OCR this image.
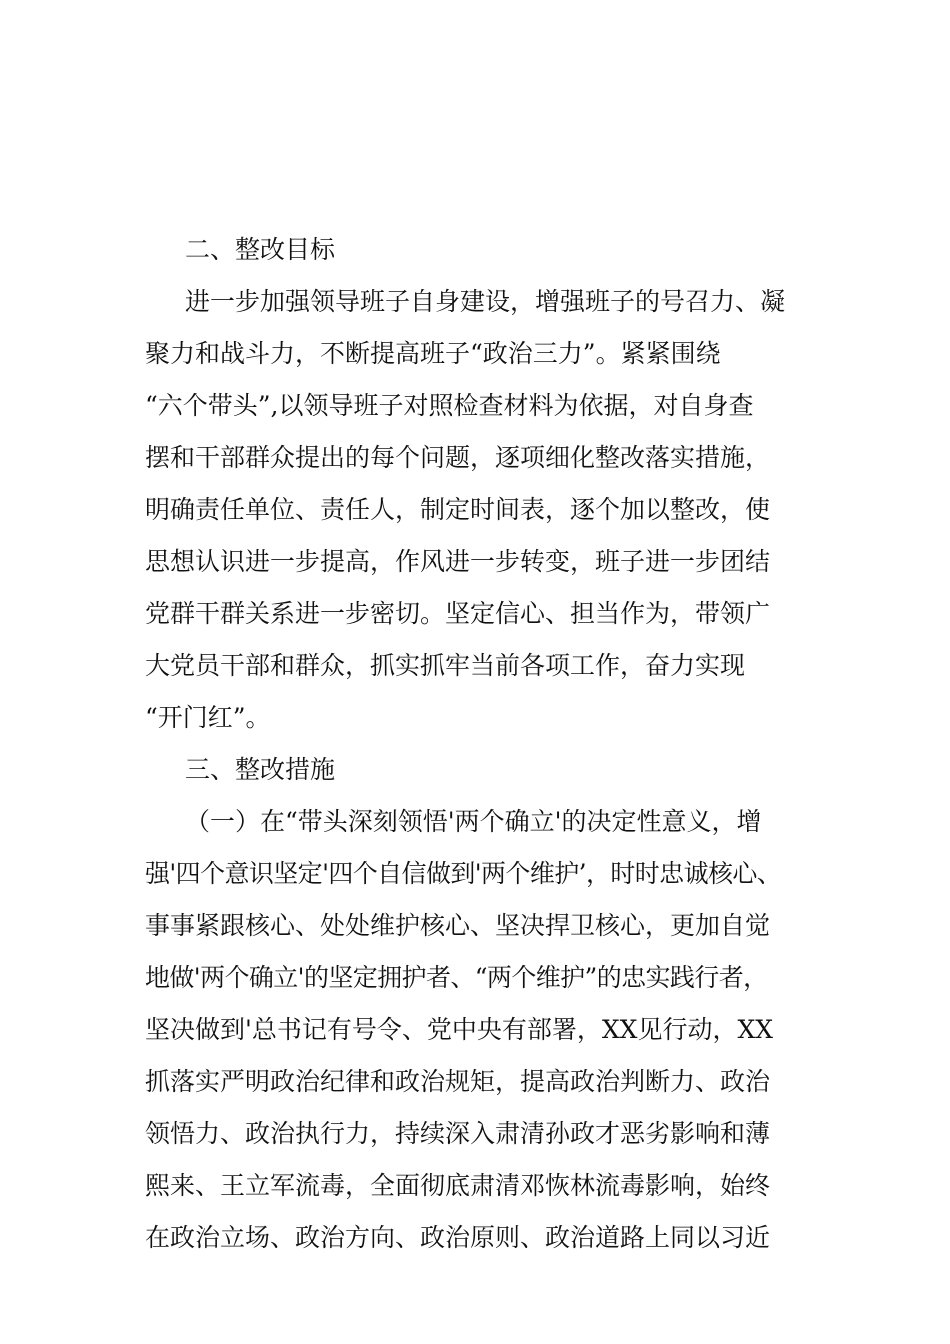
二、整改目标

进一步加强领导班子自身建设，增强班子的号召力、凝

聚力和战斗力，不断提高班子“政治三力”。紧紧围绕

“六个带头”,以领导班子对照检查材料为依据，对自身查

摆和干部群众提出的每个问题，逐项细化整改落实措施，

明确责任单位、责任人，制定时间表，逐个加以整改，使

思想认识进一步提高，作风进一步转变，班子进一步团结

党群干群关系进一步密切。坚定信心、担当作为，带领广

大党员干部和群众，抓实抓牢当前各项工作，奋力实现

“开门红”。

三、整改措施

（一）在“带头深刻领悟'两个确立'的决定性意义，增

强'四个意识坚定'四个自信做到'两个维护’，时时忠诚核心、

事事紧跟核心、处处维护核心、坚决捍卫核心，更加自觉

地做'两个确立'的坚定拥护者、“两个维护”的忠实践行者，

坚决做到'总书记有号令、党中央有部署，XX见行动，XX

抓落实严明政治纪律和政治规矩，提高政治判断力、政治

领悟力、政治执行力，持续深入肃清孙政才恶劣影响和薄

熙来、王立军流毒，全面彻底肃清邓恢林流毒影响，始终

在政治立场、政治方向、政治原则、政治道路上同以习近
